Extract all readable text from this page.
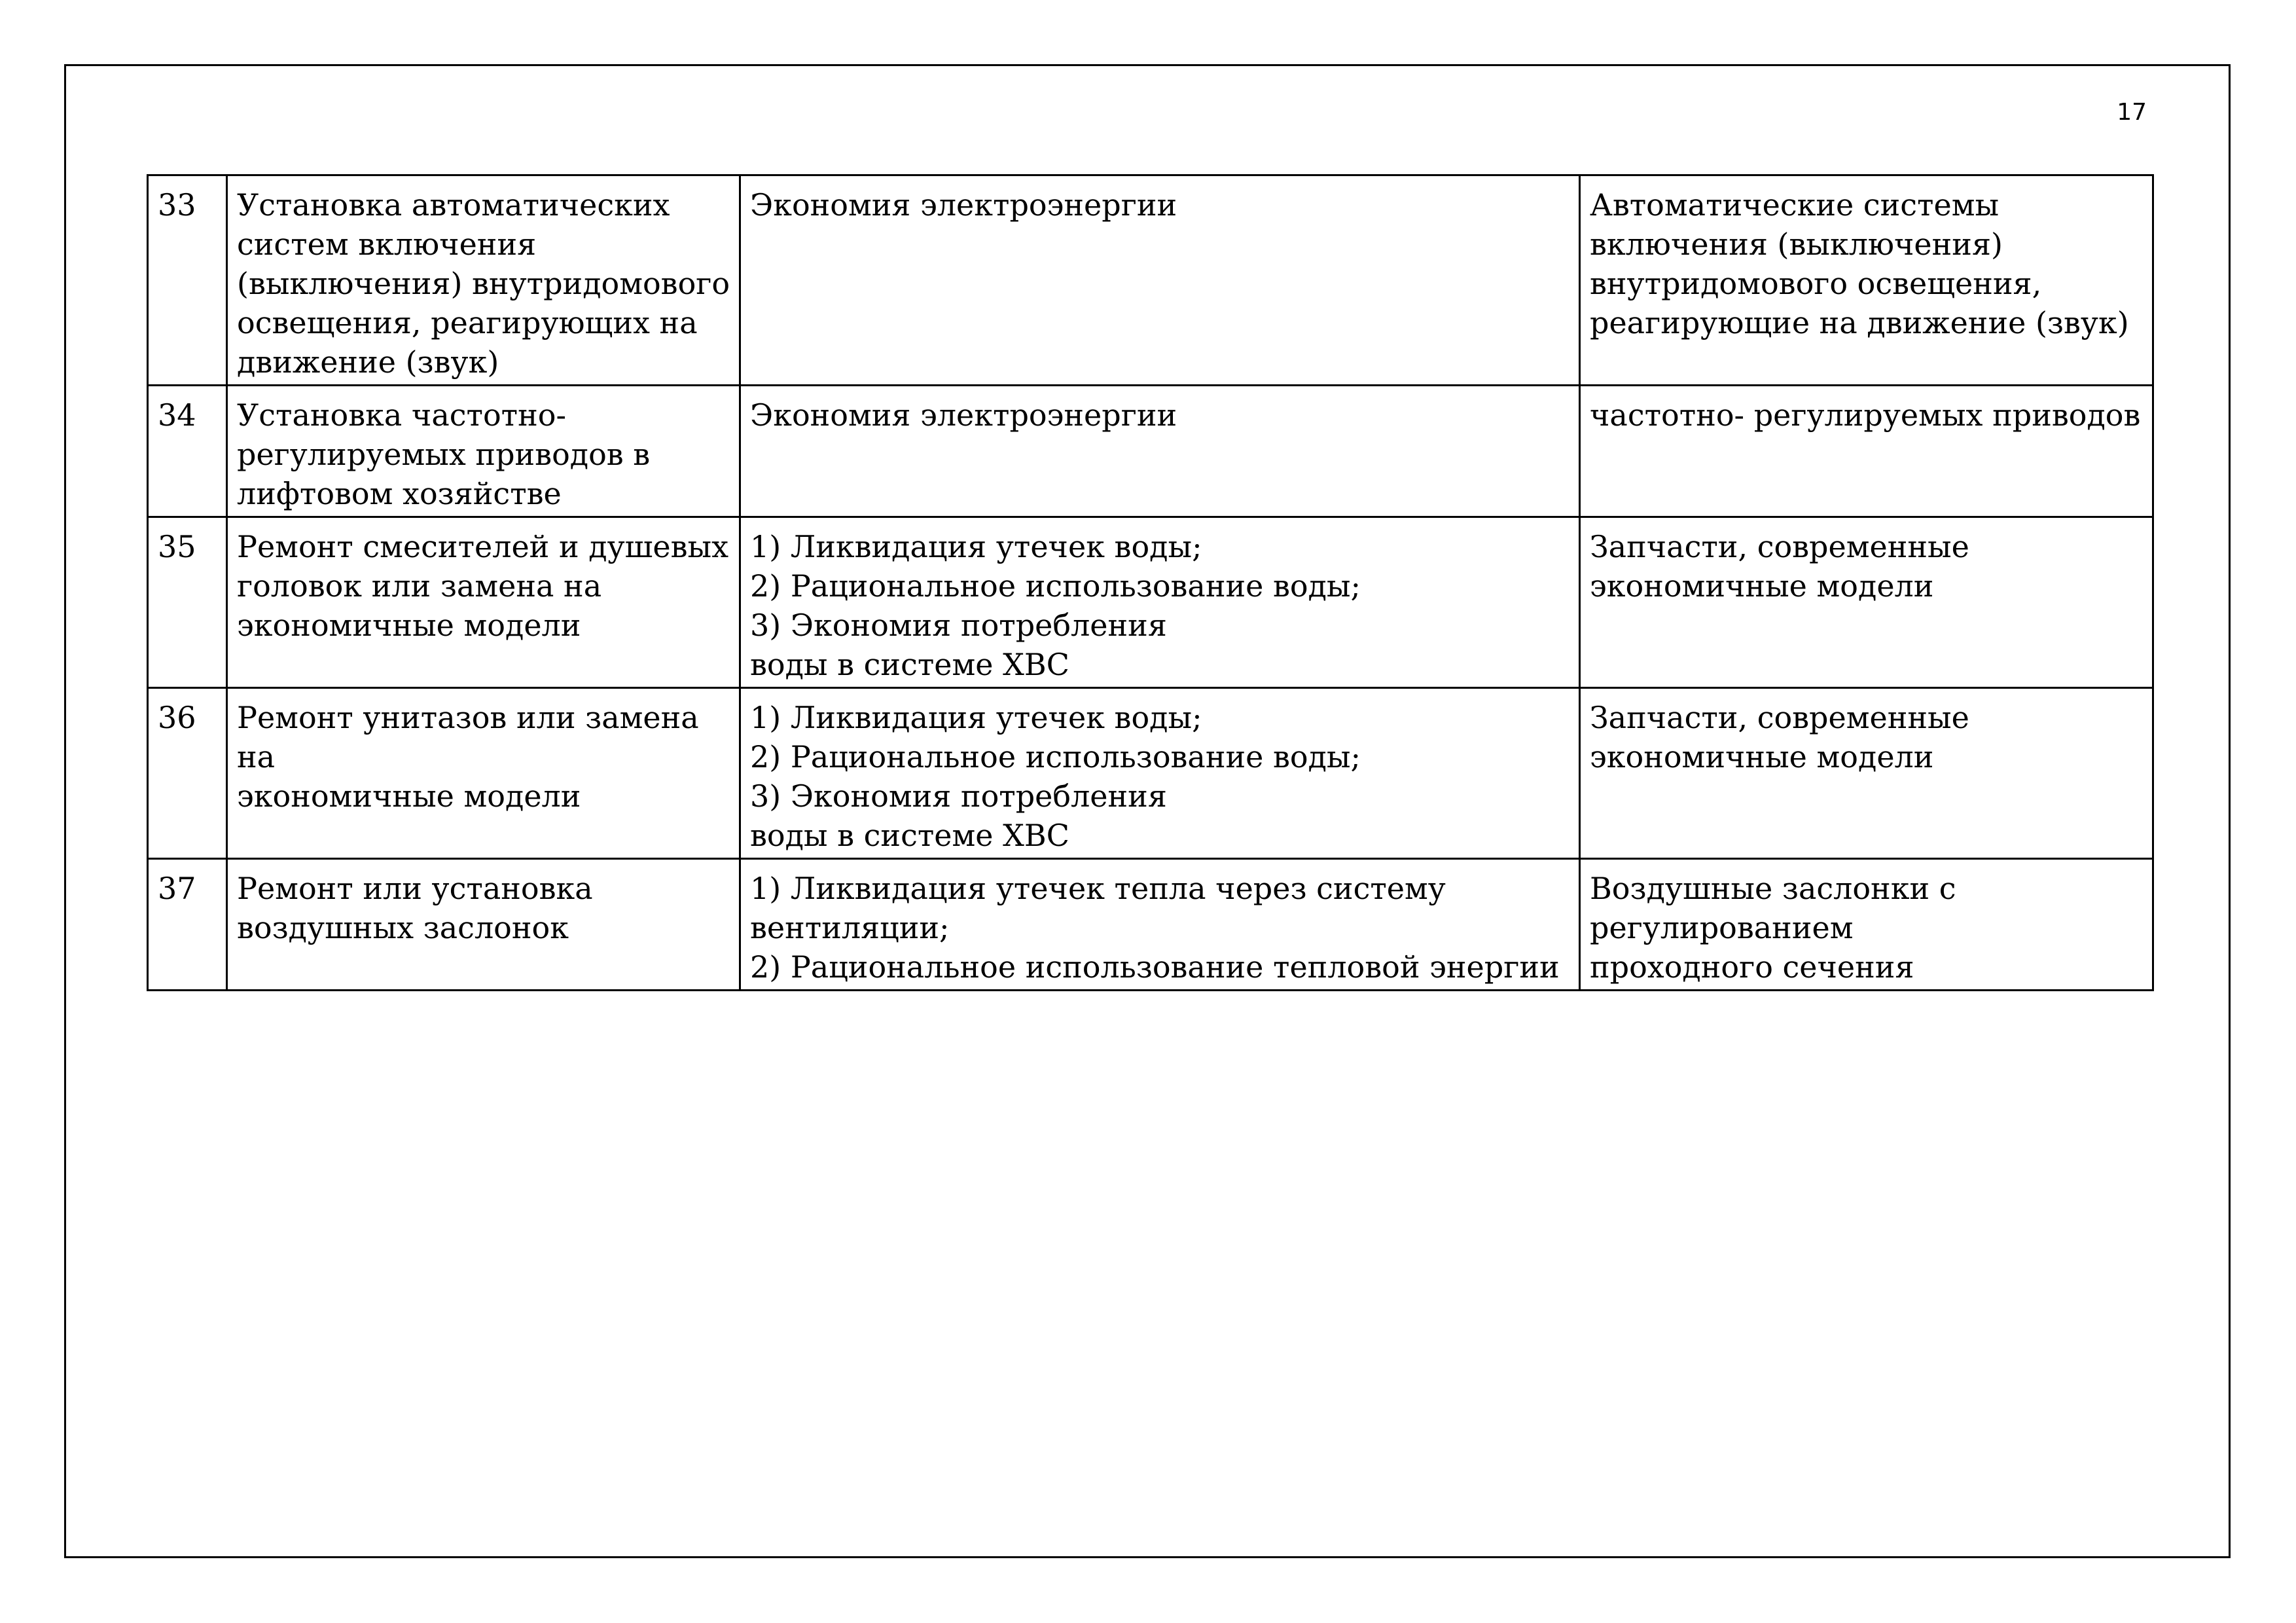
17
33	Установка автоматических
систем включения
(выключения) внутридомового
освещения, реагирующих на
движение (звук)	Экономия электроэнергии	Автоматические системы
включения (выключения)
внутридомового освещения,
реагирующие на движение (звук)
34	Установка частотно-
регулируемых приводов в
лифтовом хозяйстве	Экономия электроэнергии	частотно- регулируемых приводов
35	Ремонт смесителей и душевых
головок или замена на
экономичные модели	1) Ликвидация утечек воды;
2) Рациональное использование воды;
3) Экономия потребления
воды в системе ХВС	Запчасти, современные
экономичные модели
36	Ремонт унитазов или замена на
экономичные модели	1) Ликвидация утечек воды;
2) Рациональное использование воды;
3) Экономия потребления
воды в системе ХВС	Запчасти, современные
экономичные модели
37	Ремонт или установка
воздушных заслонок	1) Ликвидация утечек тепла через систему
вентиляции;
2) Рациональное использование тепловой энергии	Воздушные заслонки с
регулированием
проходного сечения
